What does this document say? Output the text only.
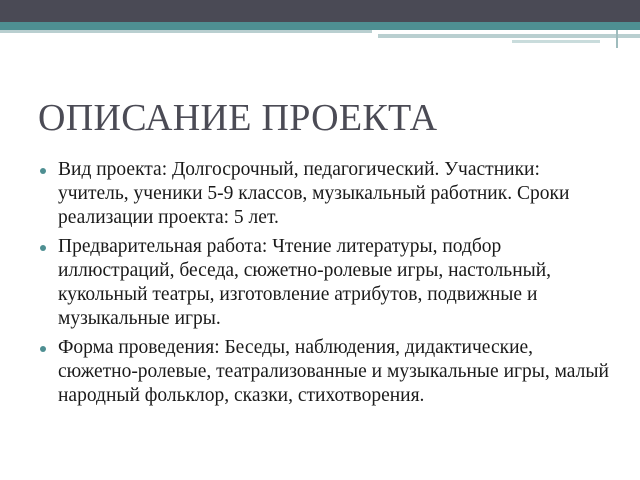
ОПИСАНИЕ ПРОЕКТА
Вид проекта: Долгосрочный, педагогический. Участники: учитель, ученики 5-9 классов, музыкальный работник. Сроки реализации проекта: 5 лет.
Предварительная работа: Чтение литературы, подбор иллюстраций, беседа, сюжетно-ролевые игры, настольный, кукольный театры, изготовление атрибутов, подвижные и музыкальные игры.
Форма проведения: Беседы, наблюдения, дидактические, сюжетно-ролевые, театрализованные и музыкальные игры, малый народный фольклор, сказки, стихотворения.
